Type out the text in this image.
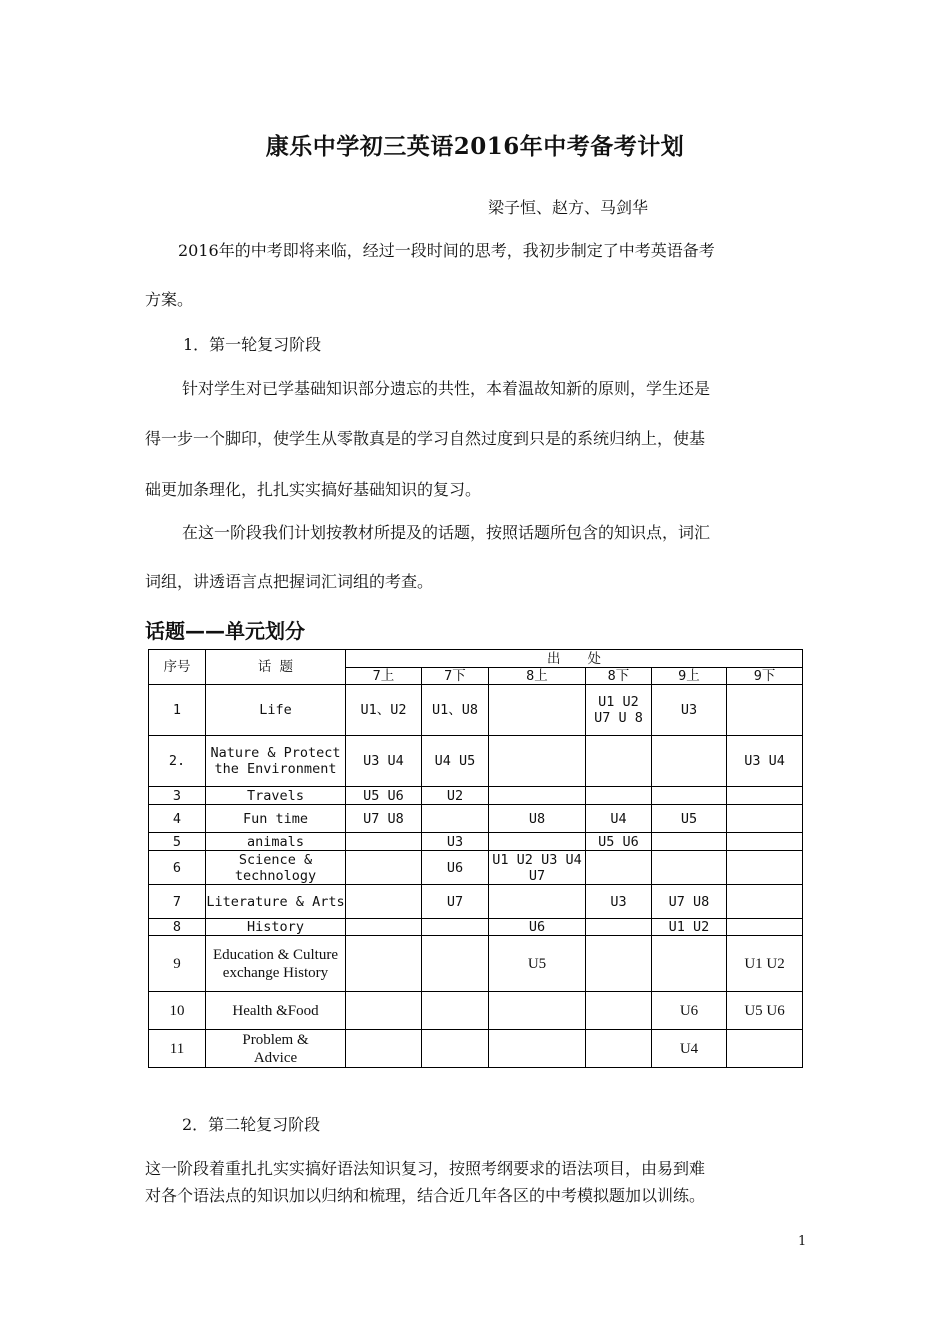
康乐中学初三英语2016年中考备考计划
梁子恒、赵方、马剑华
2016年的中考即将来临，经过一段时间的思考，我初步制定了中考英语备考
方案。
1．第一轮复习阶段
针对学生对已学基础知识部分遗忘的共性，本着温故知新的原则，学生还是
得一步一个脚印，使学生从零散真是的学习自然过度到只是的系统归纳上，使基
础更加条理化，扎扎实实搞好基础知识的复习。
在这一阶段我们计划按教材所提及的话题，按照话题所包含的知识点，词汇
词组，讲透语言点把握词汇词组的考查。
话题——单元划分
序号	话 题	出　　处					
		7上	7下	8上	8下	9上	9下
1	Life	U1、U2	U1、U8		U1 U2 U7 U 8	U3	
2.	Nature & Protect the Environment	U3 U4	U4 U5				U3 U4
3	Travels	U5 U6	U2				
4	Fun time	U7 U8		U8	U4	U5	
5	animals		U3		U5 U6		
6	Science & technology		U6	U1 U2 U3 U4 U7			
7	Literature & Arts		U7		U3	U7 U8	
8	History			U6		U1 U2	
9	Education & Culture exchange History			U5			U1 U2
10	Health &Food					U6	U5 U6
11	Problem & Advice					U4	
2．第二轮复习阶段
这一阶段着重扎扎实实搞好语法知识复习，按照考纲要求的语法项目，由易到难
对各个语法点的知识加以归纳和梳理，结合近几年各区的中考模拟题加以训练。
1
